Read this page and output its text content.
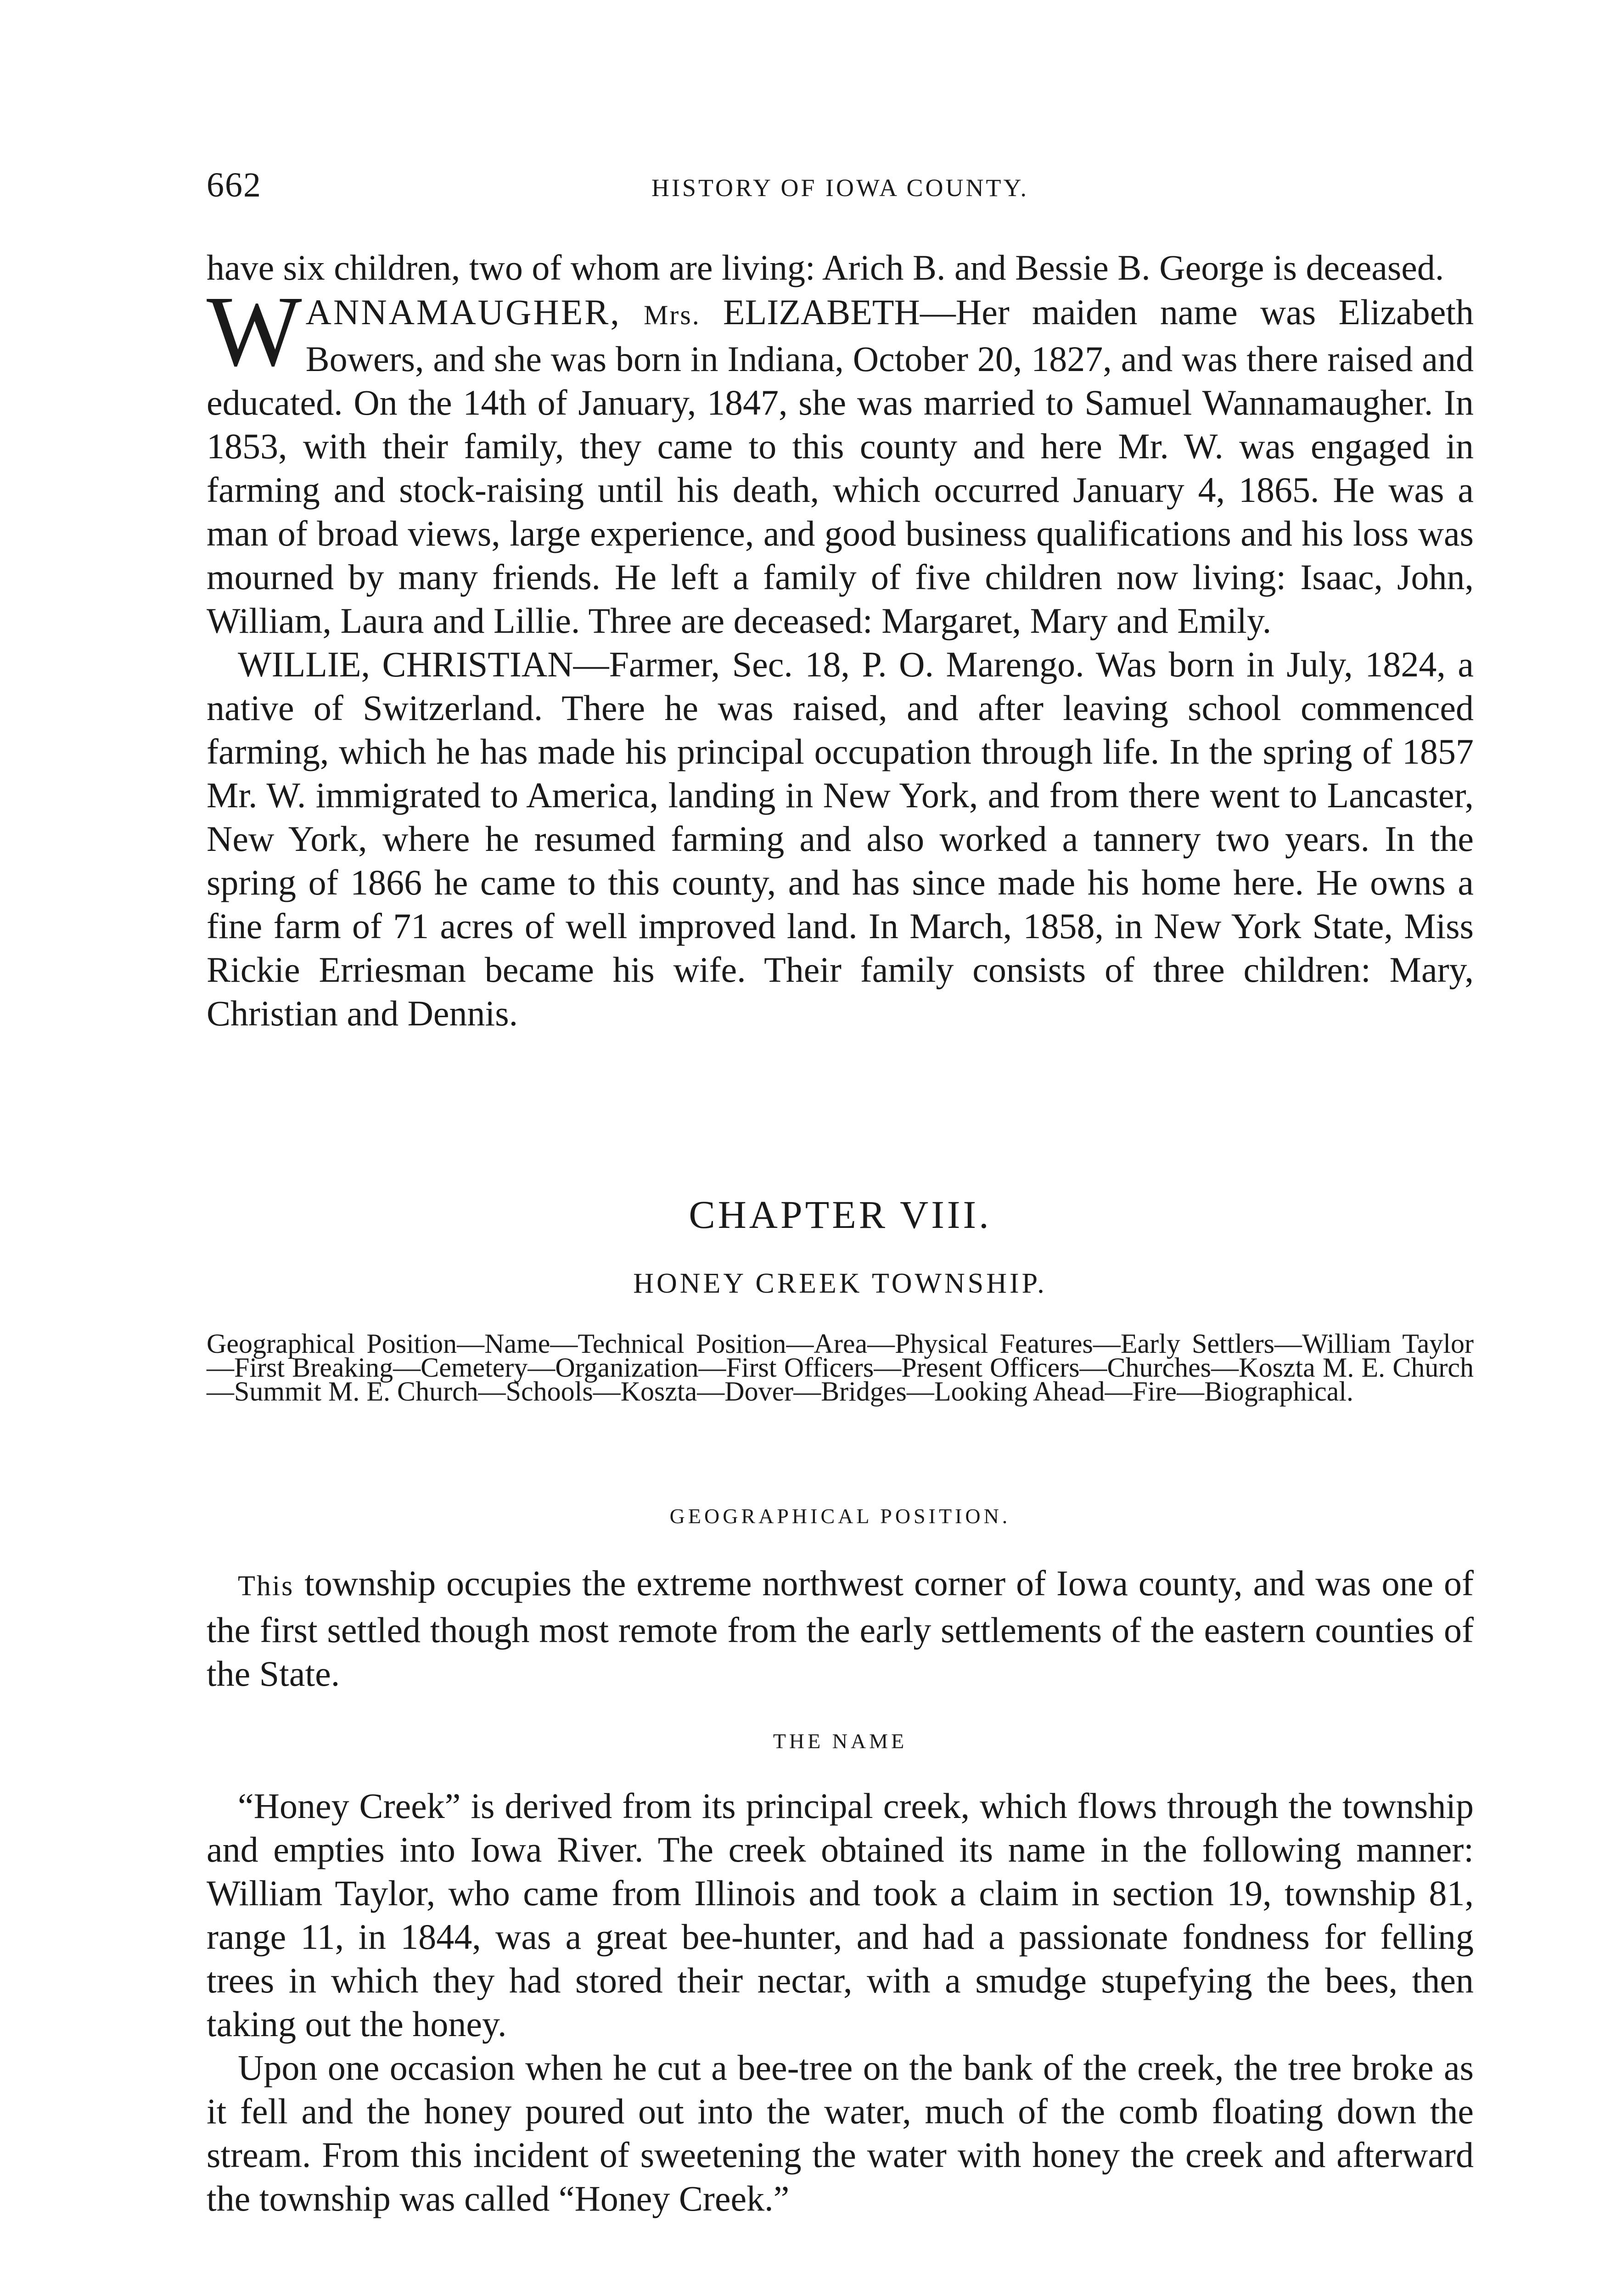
662	HISTORY OF IOWA COUNTY.

have six children, two of whom are living: Arich B. and Bessie B. George is deceased.

WANNAMAUGHER, Mrs. ELIZABETH—Her maiden name was Elizabeth Bowers, and she was born in Indiana, October 20, 1827, and was there raised and educated. On the 14th of January, 1847, she was married to Samuel Wannamaugher. In 1853, with their family, they came to this county and here Mr. W. was engaged in farming and stock-raising until his death, which occurred January 4, 1865. He was a man of broad views, large experience, and good business qualifications and his loss was mourned by many friends. He left a family of five children now living: Isaac, John, William, Laura and Lillie. Three are deceased: Margaret, Mary and Emily.

WILLIE, CHRISTIAN—Farmer, Sec. 18, P. O. Marengo. Was born in July, 1824, a native of Switzerland. There he was raised, and after leaving school commenced farming, which he has made his principal occupation through life. In the spring of 1857 Mr. W. immigrated to America, landing in New York, and from there went to Lancaster, New York, where he resumed farming and also worked a tannery two years. In the spring of 1866 he came to this county, and has since made his home here. He owns a fine farm of 71 acres of well improved land. In March, 1858, in New York State, Miss Rickie Erriesman became his wife. Their family consists of three children: Mary, Christian and Dennis.

CHAPTER VIII.
HONEY CREEK TOWNSHIP.
Geographical Position—Name—Technical Position—Area—Physical Features—Early Settlers—William Taylor—First Breaking—Cemetery—Organization—First Officers—Present Officers—Churches—Koszta M. E. Church—Summit M. E. Church—Schools—Koszta—Dover—Bridges—Looking Ahead—Fire—Biographical.
GEOGRAPHICAL POSITION.

This township occupies the extreme northwest corner of Iowa county, and was one of the first settled though most remote from the early settlements of the eastern counties of the State.

THE NAME

“Honey Creek” is derived from its principal creek, which flows through the township and empties into Iowa River. The creek obtained its name in the following manner: William Taylor, who came from Illinois and took a claim in section 19, township 81, range 11, in 1844, was a great bee-hunter, and had a passionate fondness for felling trees in which they had stored their nectar, with a smudge stupefying the bees, then taking out the honey.

Upon one occasion when he cut a bee-tree on the bank of the creek, the tree broke as it fell and the honey poured out into the water, much of the comb floating down the stream. From this incident of sweetening the water with honey the creek and afterward the township was called “Honey Creek.”
